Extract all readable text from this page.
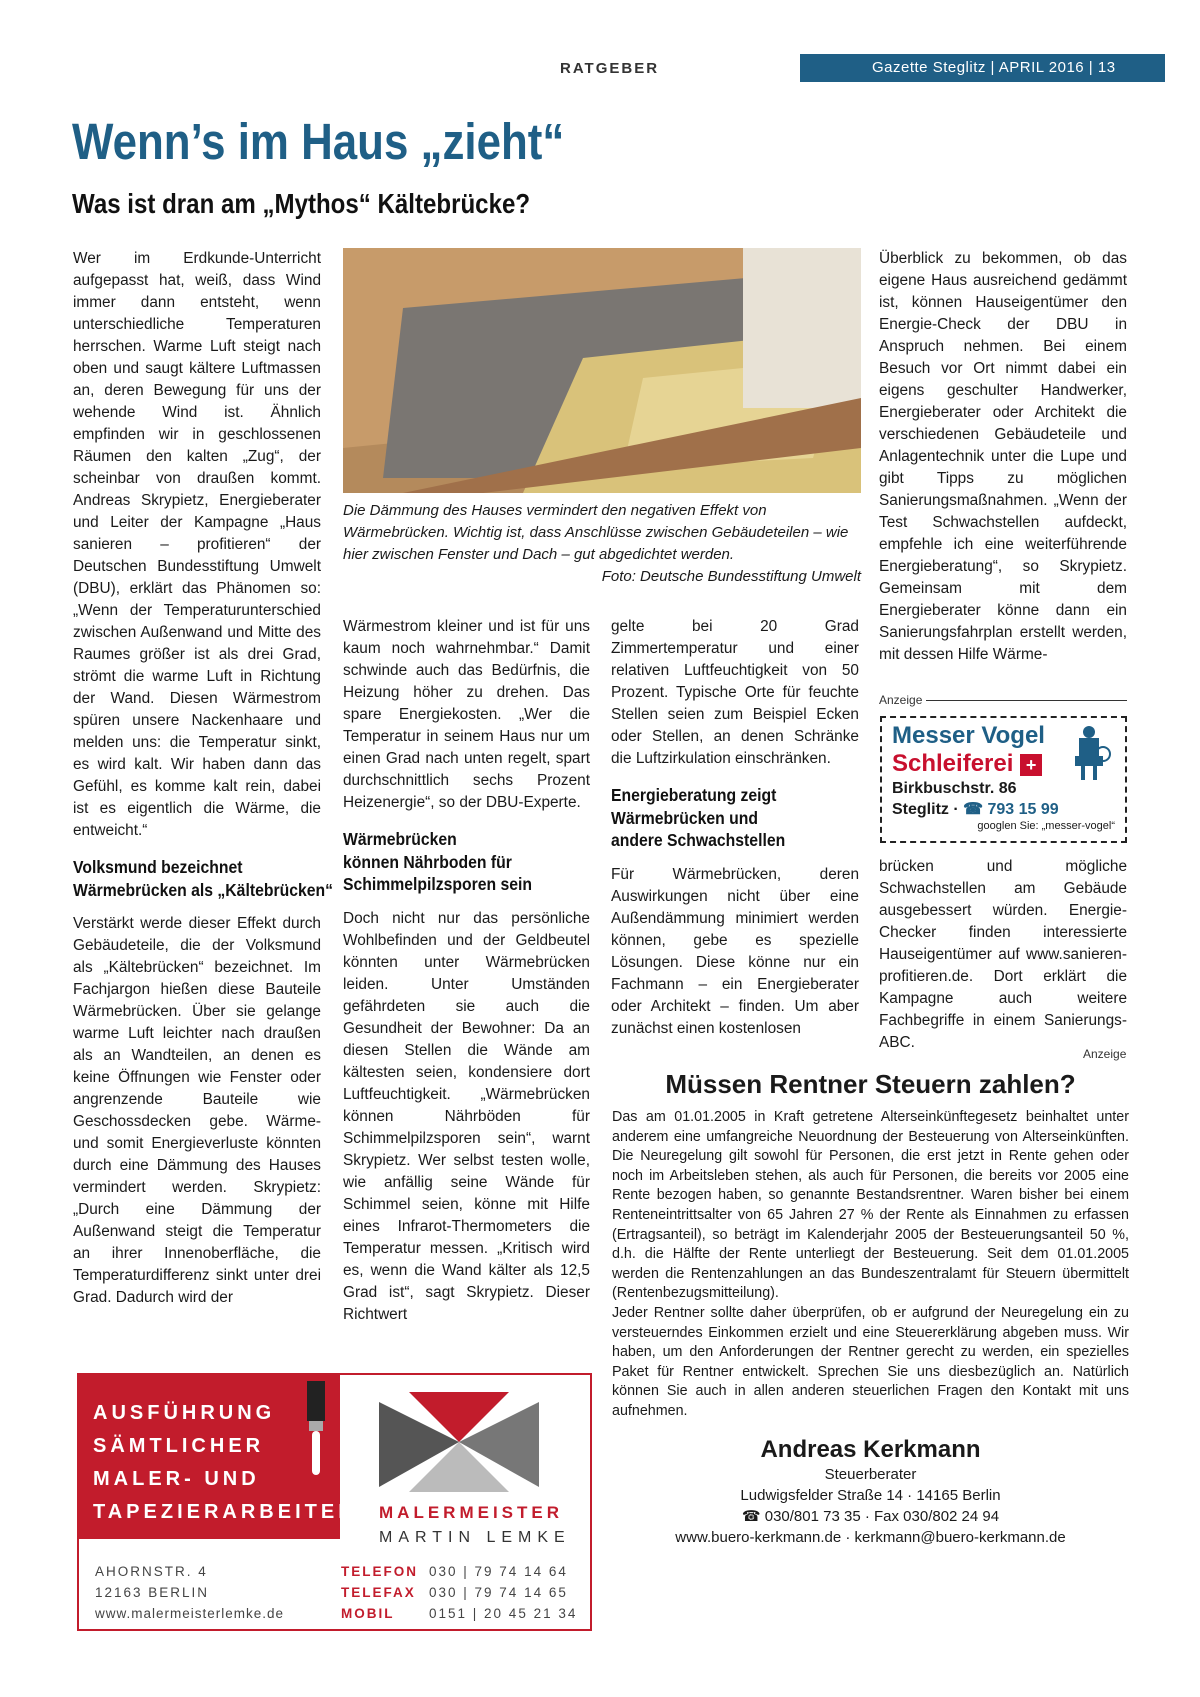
RATGEBER	Gazette Steglitz | APRIL 2016 | 13
Wenn’s im Haus „zieht“
Was ist dran am „Mythos“ Kältebrücke?

Wer im Erdkunde-Unterricht aufgepasst hat, weiß, dass Wind immer dann entsteht, wenn unterschiedliche Temperaturen herrschen. Warme Luft steigt nach oben und saugt kältere Luftmassen an, deren Bewegung für uns der wehende Wind ist. Ähnlich empfinden wir in geschlossenen Räumen den kalten „Zug“, der scheinbar von draußen kommt. Andreas Skrypietz, Energieberater und Leiter der Kampagne „Haus sanieren – profitieren“ der Deutschen Bundesstiftung Umwelt (DBU), erklärt das Phänomen so: „Wenn der Temperaturunterschied zwischen Außenwand und Mitte des Raumes größer ist als drei Grad, strömt die warme Luft in Richtung der Wand. Diesen Wärmestrom spüren unsere Nackenhaare und melden uns: die Temperatur sinkt, es wird kalt. Wir haben dann das Gefühl, es komme kalt rein, dabei ist es eigentlich die Wärme, die entweicht.“

Volksmund bezeichnet
Wärmebrücken als „Kältebrücken“

Verstärkt werde dieser Effekt durch Gebäudeteile, die der Volksmund als „Kältebrücken“ bezeichnet. Im Fachjargon hießen diese Bauteile Wärmebrücken. Über sie gelange warme Luft leichter nach draußen als an Wandteilen, an denen es keine Öffnungen wie Fenster oder angrenzende Bauteile wie Geschossdecken gebe. Wärme- und somit Energieverluste könnten durch eine Dämmung des Hauses vermindert werden. Skrypietz: „Durch eine Dämmung der Außenwand steigt die Temperatur an ihrer Innenoberfläche, die Temperaturdifferenz sinkt unter drei Grad. Dadurch wird der

Die Dämmung des Hauses vermindert den negativen Effekt von Wärmebrücken. Wichtig ist, dass Anschlüsse zwischen Gebäudeteilen – wie hier zwischen Fenster und Dach – gut abgedichtet werden.
Foto: Deutsche Bundesstiftung Umwelt

Wärmestrom kleiner und ist für uns kaum noch wahrnehmbar.“ Damit schwinde auch das Bedürfnis, die Heizung höher zu drehen. Das spare Energiekosten. „Wer die Temperatur in seinem Haus nur um einen Grad nach unten regelt, spart durchschnittlich sechs Prozent Heizenergie“, so der DBU-Experte.

Wärmebrücken
können Nährboden für
Schimmelpilzsporen sein

Doch nicht nur das persönliche Wohlbefinden und der Geldbeutel könnten unter Wärmebrücken leiden. Unter Umständen gefährdeten sie auch die Gesundheit der Bewohner: Da an diesen Stellen die Wände am kältesten seien, kondensiere dort Luftfeuchtigkeit. „Wärmebrücken können Nährböden für Schimmelpilzsporen sein“, warnt Skrypietz. Wer selbst testen wolle, wie anfällig seine Wände für Schimmel seien, könne mit Hilfe eines Infrarot-Thermometers die Temperatur messen. „Kritisch wird es, wenn die Wand kälter als 12,5 Grad ist“, sagt Skrypietz. Dieser Richtwert

gelte bei 20 Grad Zimmertemperatur und einer relativen Luftfeuchtigkeit von 50 Prozent. Typische Orte für feuchte Stellen seien zum Beispiel Ecken oder Stellen, an denen Schränke die Luftzirkulation einschränken.

Energieberatung zeigt
Wärmebrücken und
andere Schwachstellen

Für Wärmebrücken, deren Auswirkungen nicht über eine Außendämmung minimiert werden können, gebe es spezielle Lösungen. Diese könne nur ein Fachmann – ein Energieberater oder Architekt – finden. Um aber zunächst einen kostenlosen

Überblick zu bekommen, ob das eigene Haus ausreichend gedämmt ist, können Hauseigentümer den Energie-Check der DBU in Anspruch nehmen. Bei einem Besuch vor Ort nimmt dabei ein eigens geschulter Handwerker, Energieberater oder Architekt die verschiedenen Gebäudeteile und Anlagentechnik unter die Lupe und gibt Tipps zu möglichen Sanierungsmaßnahmen. „Wenn der Test Schwachstellen aufdeckt, empfehle ich eine weiterführende Energieberatung“, so Skrypietz. Gemeinsam mit dem Energieberater könne dann ein Sanierungsfahrplan erstellt werden, mit dessen Hilfe Wärme-

Anzeige
Messer Vogel
Schleiferei +
Birkbuschstr. 86
Steglitz · ☎ 793 15 99
googlen Sie: „messer-vogel“

brücken und mögliche Schwachstellen am Gebäude ausgebessert würden. Energie-Checker finden interessierte Hauseigentümer auf www.sanieren-profitieren.de. Dort erklärt die Kampagne auch weitere Fachbegriffe in einem Sanierungs-ABC.

Anzeige
Müssen Rentner Steuern zahlen?
Das am 01.01.2005 in Kraft getretene Alterseinkünftegesetz beinhaltet unter anderem eine umfangreiche Neuordnung der Besteuerung von Alterseinkünften. Die Neuregelung gilt sowohl für Personen, die erst jetzt in Rente gehen oder noch im Arbeitsleben stehen, als auch für Personen, die bereits vor 2005 eine Rente bezogen haben, so genannte Bestandsrentner. Waren bisher bei einem Renteneintrittsalter von 65 Jahren 27 % der Rente als Einnahmen zu erfassen (Ertragsanteil), so beträgt im Kalenderjahr 2005 der Besteuerungsanteil 50 %, d.h. die Hälfte der Rente unterliegt der Besteuerung. Seit dem 01.01.2005 werden die Rentenzahlungen an das Bundeszentralamt für Steuern übermittelt (Rentenbezugsmitteilung).
Jeder Rentner sollte daher überprüfen, ob er aufgrund der Neuregelung ein zu versteuerndes Einkommen erzielt und eine Steuererklärung abgeben muss. Wir haben, um den Anforderungen der Rentner gerecht zu werden, ein spezielles Paket für Rentner entwickelt. Sprechen Sie uns diesbezüglich an. Natürlich können Sie auch in allen anderen steuerlichen Fragen den Kontakt mit uns aufnehmen.
Andreas Kerkmann
Steuerberater
Ludwigsfelder Straße 14 · 14165 Berlin
☎ 030/801 73 35 · Fax 030/802 24 94
www.buero-kerkmann.de · kerkmann@buero-kerkmann.de
AUSFÜHRUNG
SÄMTLICHER
MALER- UND
TAPEZIERARBEITEN MALERMEISTER
MARTIN LEMKE
AHORNSTR. 4
12163 BERLIN
www.malermeisterlemke.de
TELEFON 030 | 79 74 14 64
TELEFAX 030 | 79 74 14 65
MOBIL	0151 | 20 45 21 34
